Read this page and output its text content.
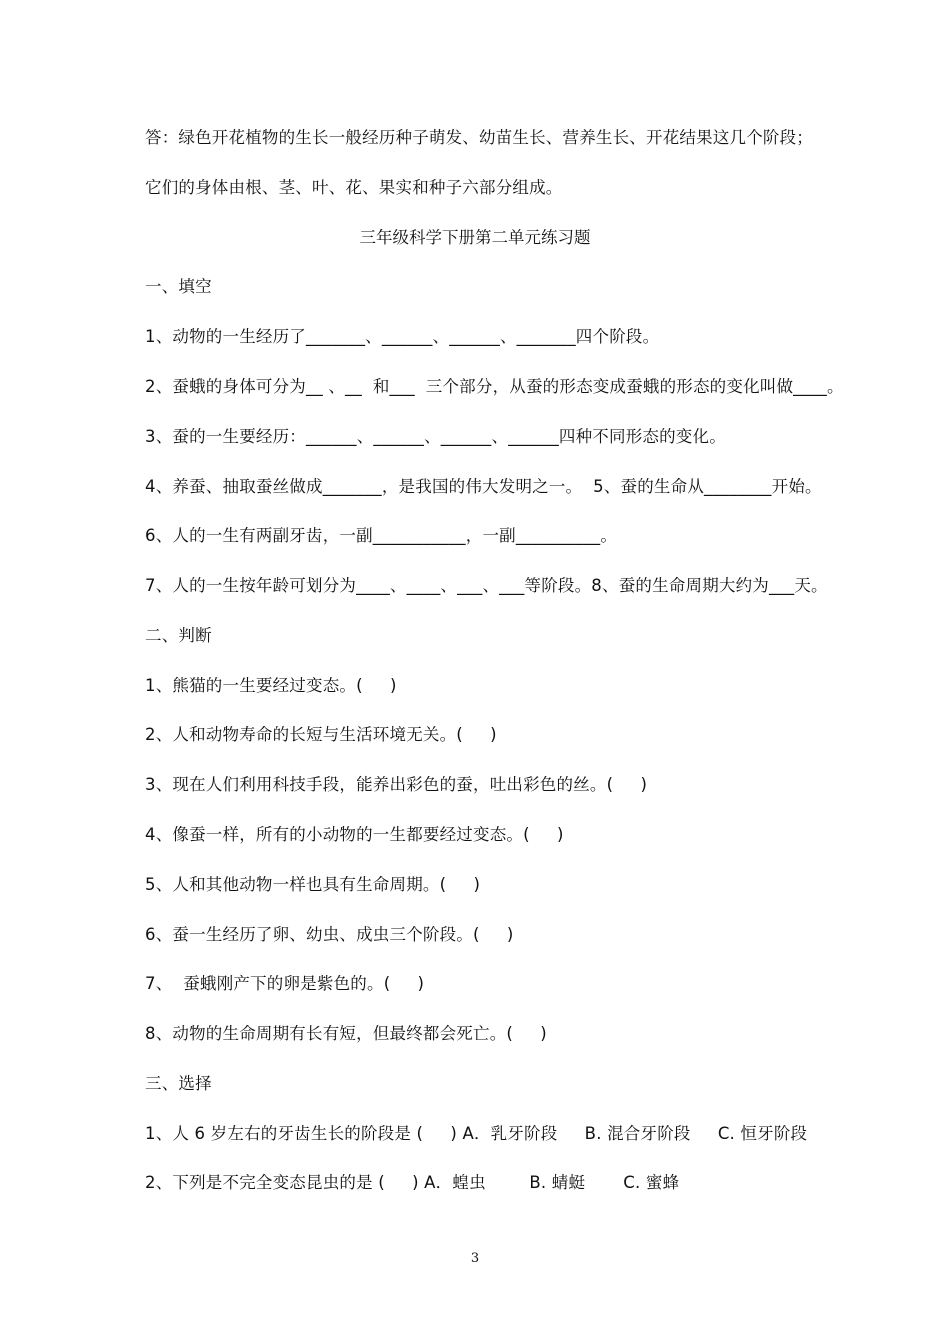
答：绿色开花植物的生长一般经历种子萌发、幼苗生长、营养生长、开花结果这几个阶段；
它们的身体由根、茎、叶、花、果实和种子六部分组成。
三年级科学下册第二单元练习题
一、填空
1、动物的一生经历了_______、______、______、_______四个阶段。
2、蚕蛾的身体可分为__ 、__  和___  三个部分，从蚕的形态变成蚕蛾的形态的变化叫做____。
3、蚕的一生要经历：______、______、______、______四种不同形态的变化。
4、养蚕、抽取蚕丝做成_______，是我国的伟大发明之一。  5、蚕的生命从________开始。
6、人的一生有两副牙齿，一副___________，一副__________。
7、人的一生按年龄可划分为____、____、___、___等阶段。8、蚕的生命周期大约为___天。
二、判断
1、熊猫的一生要经过变态。(     )
2、人和动物寿命的长短与生活环境无关。(     )
3、现在人们利用科技手段，能养出彩色的蚕，吐出彩色的丝。(     )
4、像蚕一样，所有的小动物的一生都要经过变态。(     )
5、人和其他动物一样也具有生命周期。(     )
6、蚕一生经历了卵、幼虫、成虫三个阶段。(     )
7、  蚕蛾刚产下的卵是紫色的。(     )
8、动物的生命周期有长有短，但最终都会死亡。(     )
三、选择
1、人 6 岁左右的牙齿生长的阶段是 (     ) A．乳牙阶段     B. 混合牙阶段     C. 恒牙阶段
2、下列是不完全变态昆虫的是 (     ) A．蝗虫        B. 蜻蜓       C. 蜜蜂
3
